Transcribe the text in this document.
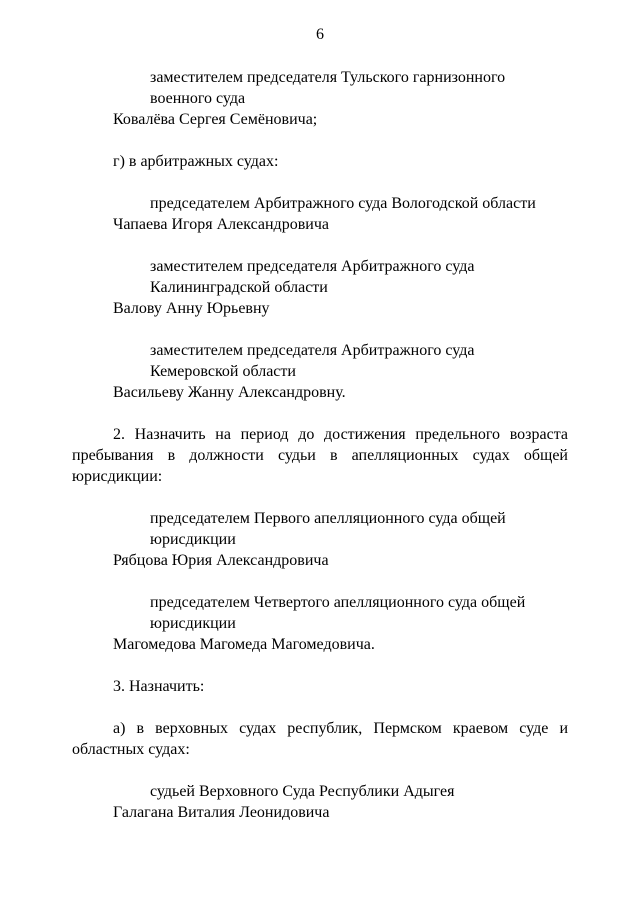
6
заместителем председателя Тульского гарнизонного
военного суда
Ковалёва Сергея Семёновича;
г) в арбитражных судах:
председателем Арбитражного суда Вологодской области
Чапаева Игоря Александровича
заместителем председателя Арбитражного суда
Калининградской области
Валову Анну Юрьевну
заместителем председателя Арбитражного суда
Кемеровской области
Васильеву Жанну Александровну.

2. Назначить на период до достижения предельного возраста пребывания в должности судьи в апелляционных судах общей юрисдикции:

председателем Первого апелляционного суда общей
юрисдикции
Рябцова Юрия Александровича
председателем Четвертого апелляционного суда общей
юрисдикции
Магомедова Магомеда Магомедовича.

3. Назначить:

а) в верховных судах республик, Пермском краевом суде и областных судах:

судьей Верховного Суда Республики Адыгея
Галагана Виталия Леонидовича
